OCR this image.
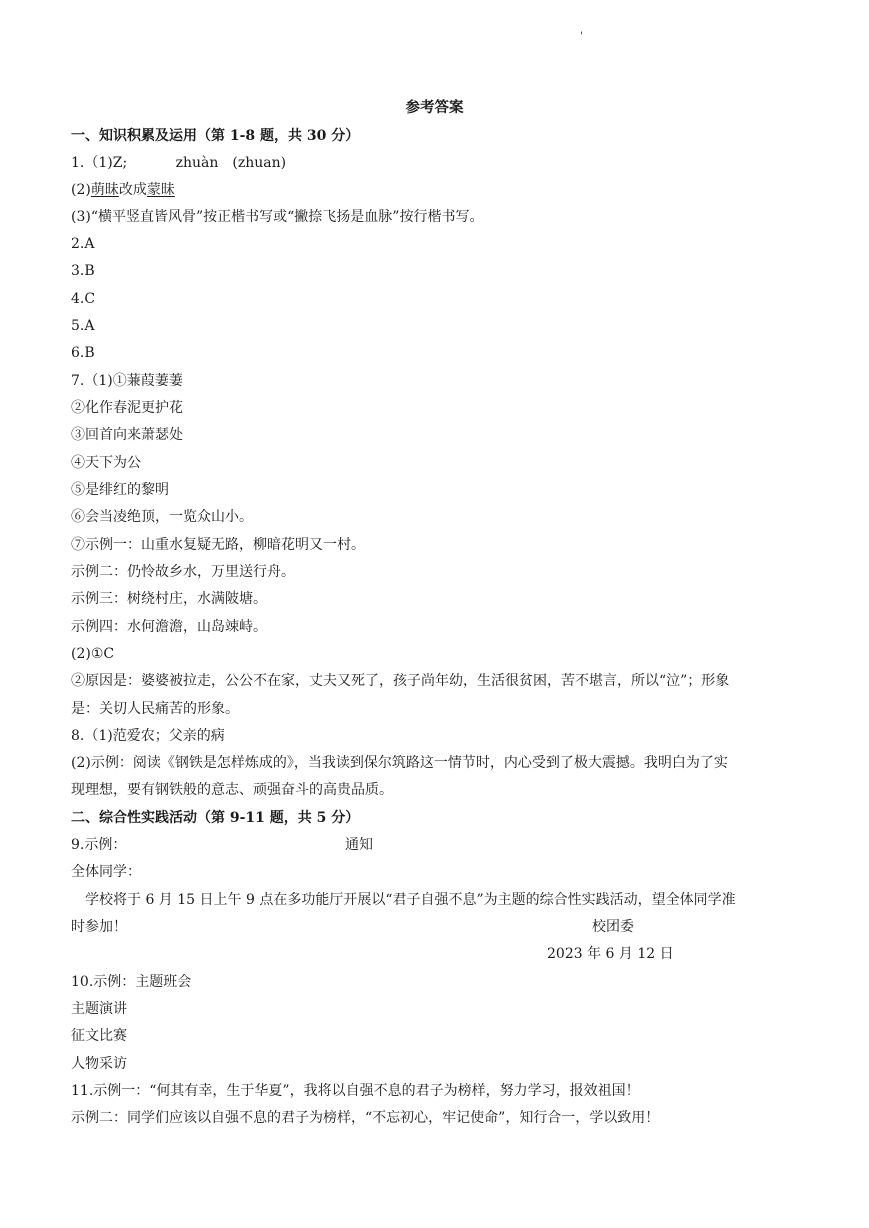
'
参考答案
一、知识积累及运用（第 1-8 题，共 30 分）
1.（1)Z;	zhuàn　(zhuan)
(2)萌昧改成蒙昧
(3)“横平竖直皆风骨”按正楷书写或“撇捺飞扬是血脉”按行楷书写。
2.A
3.B
4.C
5.A
6.B
7.（1)①蒹葭萋萋
②化作春泥更护花
③回首向来萧瑟处
④天下为公
⑤是绯红的黎明
⑥会当凌绝顶，一览众山小。
⑦示例一：山重水复疑无路，柳暗花明又一村。
示例二：仍怜故乡水，万里送行舟。
示例三：树绕村庄，水满陂塘。
示例四：水何澹澹，山岛竦峙。
(2)①C
②原因是：婆婆被拉走，公公不在家，丈夫又死了，孩子尚年幼，生活很贫困，苦不堪言，所以“泣”；形象
是：关切人民痛苦的形象。
8.（1)范爱农；父亲的病
(2)示例：阅读《钢铁是怎样炼成的》，当我读到保尔筑路这一情节时，内心受到了极大震撼。我明白为了实
现理想，要有钢铁般的意志、顽强奋斗的高贵品质。
二、综合性实践活动（第 9-11 题，共 5 分）
9.示例：	通知
全体同学：
学校将于 6 月 15 日上午 9 点在多功能厅开展以“君子自强不息”为主题的综合性实践活动，望全体同学准
时参加！	校团委
2023 年 6 月 12 日
10.示例：主题班会
主题演讲
征文比赛
人物采访
11.示例一：“何其有幸，生于华夏”，我将以自强不息的君子为榜样，努力学习，报效祖国！
示例二：同学们应该以自强不息的君子为榜样，“不忘初心，牢记使命”，知行合一，学以致用！
